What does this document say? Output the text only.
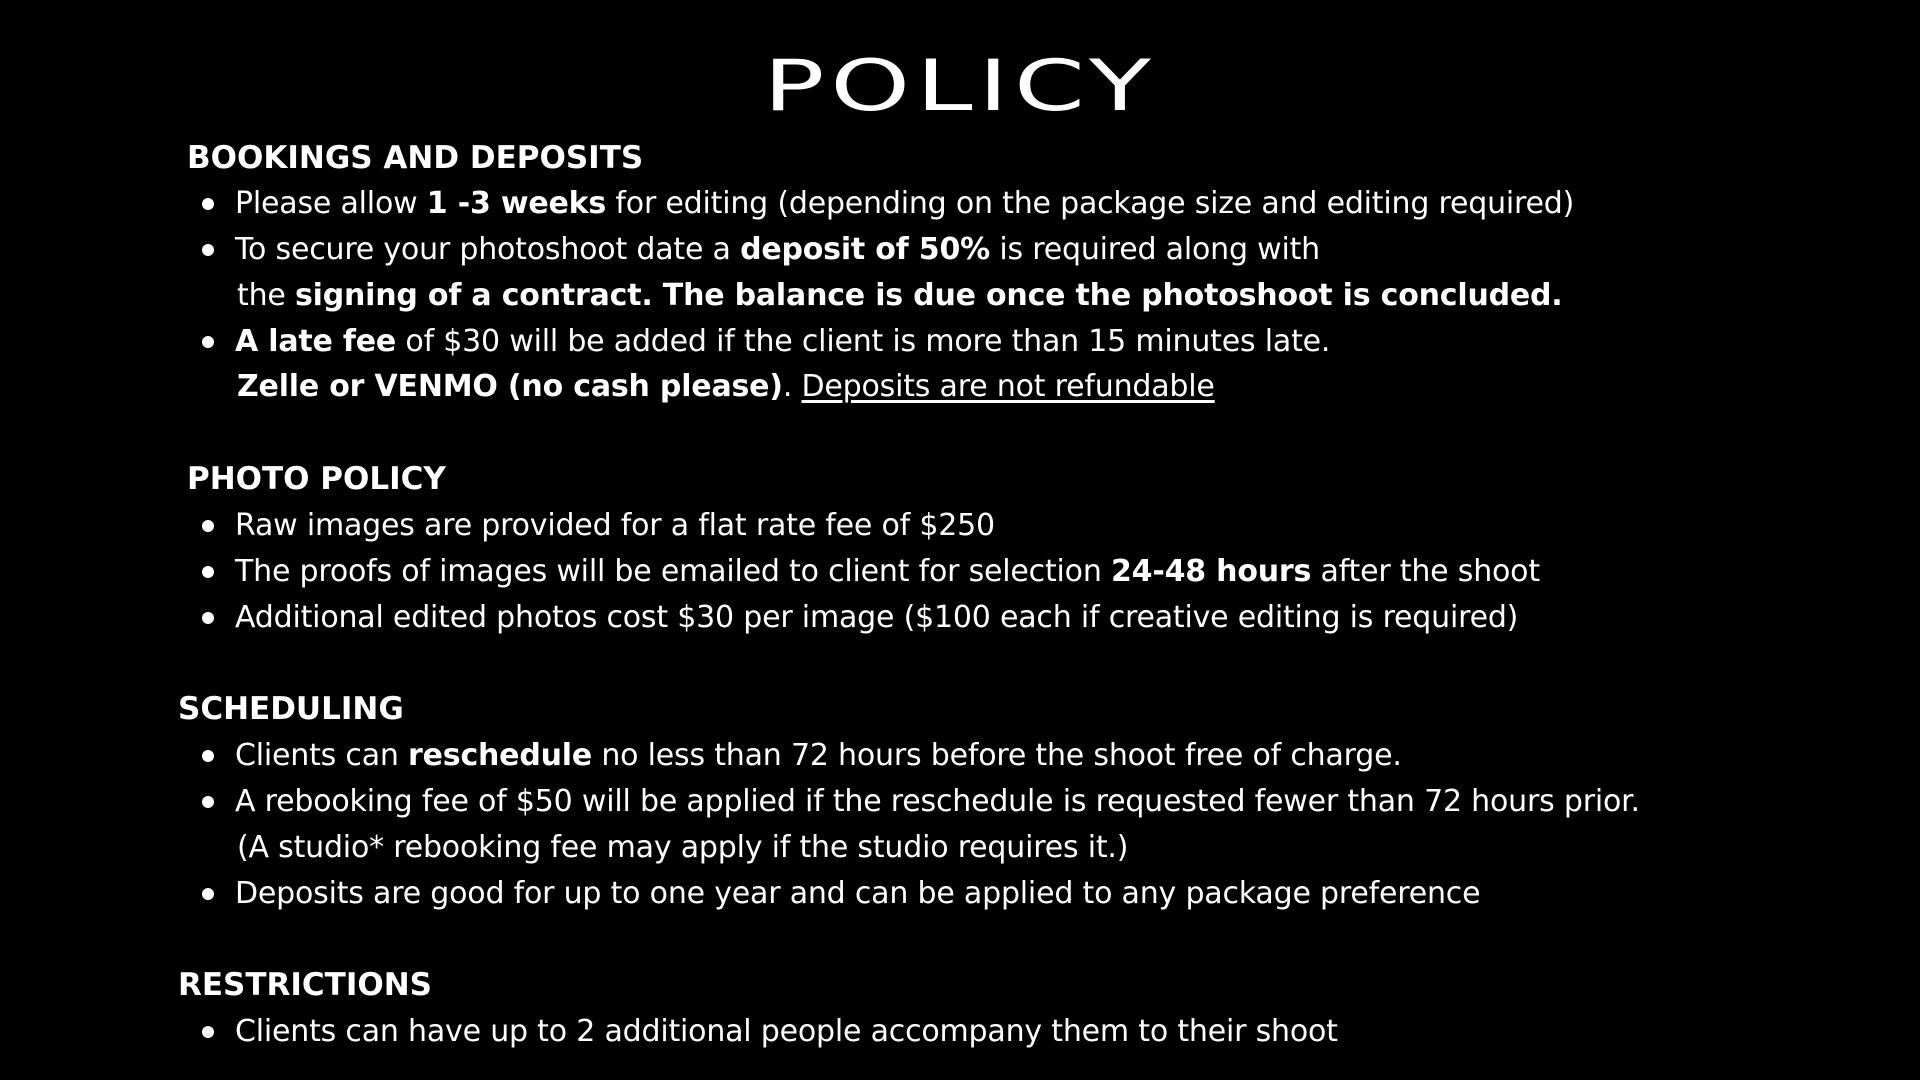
POLICY
BOOKINGS AND DEPOSITS
Please allow 1 -3 weeks for editing (depending on the package size and editing required)
To secure your photoshoot date a deposit of 50% is required along with
the signing of a contract. The balance is due once the photoshoot is concluded.
A late fee of $30 will be added if the client is more than 15 minutes late.
Zelle or VENMO (no cash please). Deposits are not refundable
PHOTO POLICY
Raw images are provided for a flat rate fee of $250
The proofs of images will be emailed to client for selection 24-48 hours after the shoot
Additional edited photos cost $30 per image ($100 each if creative editing is required)
SCHEDULING
Clients can reschedule no less than 72 hours before the shoot free of charge.
A rebooking fee of $50 will be applied if the reschedule is requested fewer than 72 hours prior.
(A studio* rebooking fee may apply if the studio requires it.)
Deposits are good for up to one year and can be applied to any package preference
RESTRICTIONS
Clients can have up to 2 additional people accompany them to their shoot
